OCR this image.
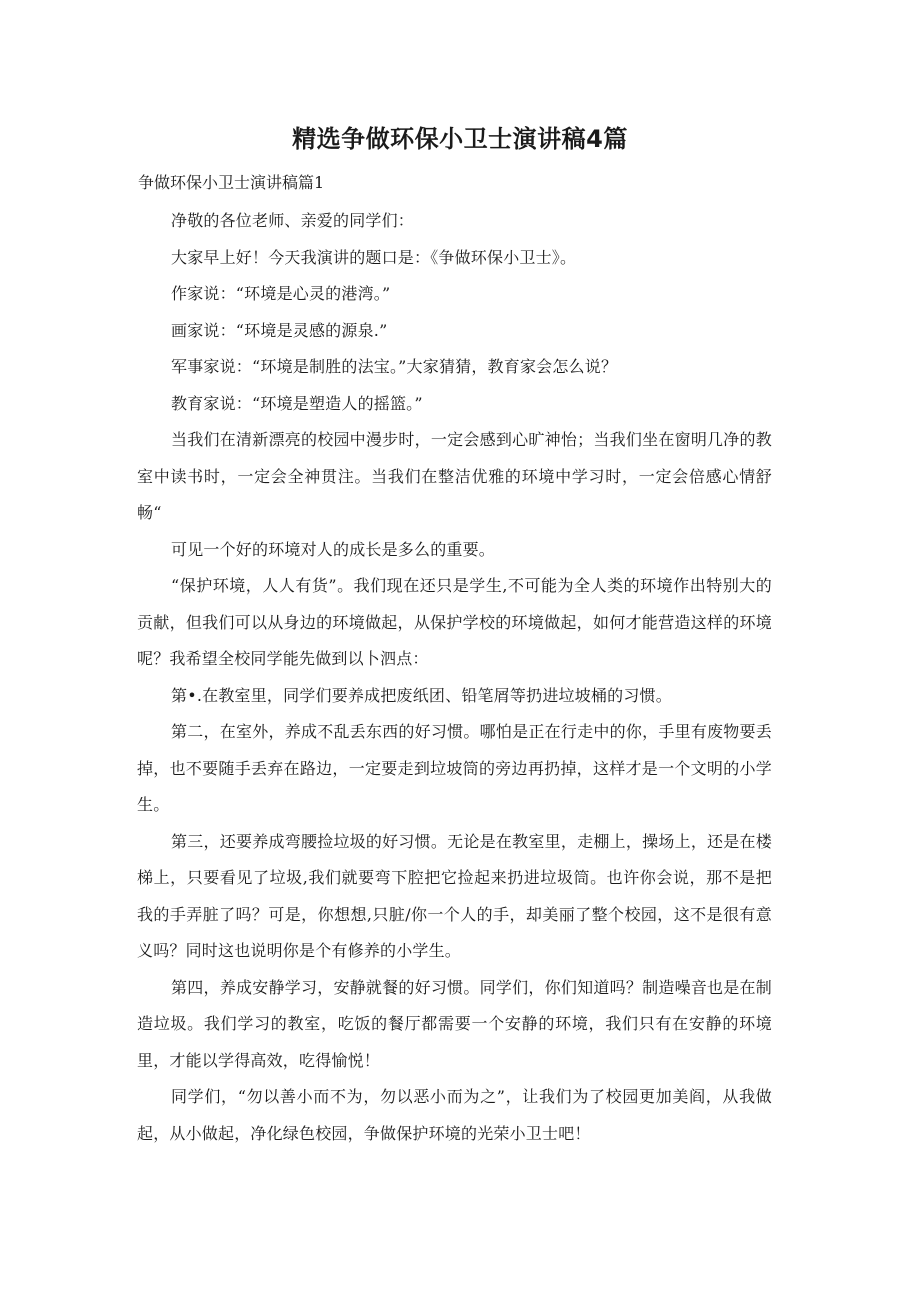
精选争做环保小卫士演讲稿4篇
争做环保小卫士演讲稿篇1

净敬的各位老师、亲爱的同学们：

大家早上好！今天我演讲的题口是：《争做环保小卫士》。

作家说：“环境是心灵的港湾。”

画家说：“环境是灵感的源泉.”

军事家说：“环境是制胜的法宝。”大家猜猜，教育家会怎么说？

教育家说：“环境是塑造人的摇篮。”

当我们在清新漂亮的校园中漫步时，一定会感到心旷神怡；当我们坐在窗明几净的教室中读书时，一定会全神贯注。当我们在整洁优雅的环境中学习时，一定会倍感心情舒畅“

可见一个好的环境对人的成长是多么的重要。

“保护环境，人人有货”。我们现在还只是学生,不可能为全人类的环境作出特别大的贡献，但我们可以从身边的环境做起，从保护学校的环境做起，如何才能营造这样的环境呢？我希望全校同学能先做到以卜泗点：

第•.在教室里，同学们要养成把废纸团、铅笔屑等扔进垃坡桶的习惯。

第二，在室外，养成不乱丢东西的好习惯。哪怕是正在行走中的你，手里有废物要丢掉，也不要随手丢弃在路边，一定要走到垃坡筒的旁边再扔掉，这样才是一个文明的小学生。

第三，还要养成弯腰捡垃圾的好习惯。无论是在教室里，走棚上，操场上，还是在楼梯上，只要看见了垃圾,我们就要弯下腔把它捡起来扔进垃圾筒。也许你会说，那不是把我的手弄脏了吗？可是，你想想,只脏/你一个人的手，却美丽了整个校园，这不是很有意义吗？同时这也说明你是个有修养的小学生。

第四，养成安静学习，安静就餐的好习惯。同学们，你们知道吗？制造噪音也是在制造垃圾。我们学习的教室，吃饭的餐厅都需要一个安静的环境，我们只有在安静的环境里，才能以学得高效，吃得愉悦！

同学们，“勿以善小而不为，勿以恶小而为之”，让我们为了校园更加美阎，从我做起，从小做起，净化绿色校园，争做保护环境的光荣小卫士吧！
